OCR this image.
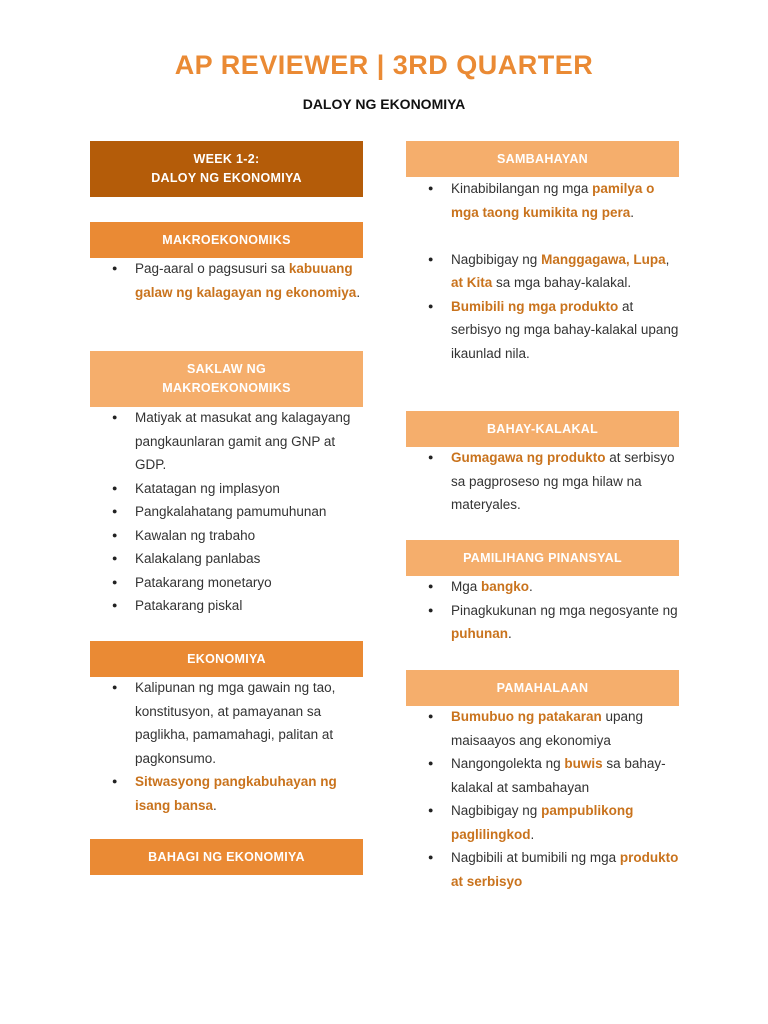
AP REVIEWER | 3RD QUARTER
DALOY NG EKONOMIYA
WEEK 1-2:
DALOY NG EKONOMIYA
MAKROEKONOMIKS
● Pag-aaral o pagsusuri sa kabuuang galaw ng kalagayan ng ekonomiya.
SAKLAW NG
MAKROEKONOMIKS
● Matiyak at masukat ang kalagayang pangkaunlaran gamit ang GNP at GDP.
● Katatagan ng implasyon
● Pangkalahatang pamumuhunan
● Kawalan ng trabaho
● Kalakalang panlabas
● Patakarang monetaryo
● Patakarang piskal
EKONOMIYA
● Kalipunan ng mga gawain ng tao, konstitusyon, at pamayanan sa paglikha, pamamahagi, palitan at pagkonsumo.
● Sitwasyong pangkabuhayan ng isang bansa.
BAHAGI NG EKONOMIYA
SAMBAHAYAN
● Kinabibilangan ng mga pamilya o mga taong kumikita ng pera.
● Nagbibigay ng Manggagawa, Lupa, at Kita sa mga bahay-kalakal.
● Bumibili ng mga produkto at serbisyo ng mga bahay-kalakal upang ikaunlad nila.
BAHAY-KALAKAL
● Gumagawa ng produkto at serbisyo sa pagproseso ng mga hilaw na materyales.
PAMILIHANG PINANSYAL
● Mga bangko.
● Pinagkukunan ng mga negosyante ng puhunan.
PAMAHALAAN
● Bumubuo ng patakaran upang maisaayos ang ekonomiya
● Nangongolekta ng buwis sa bahay-kalakal at sambahayan
● Nagbibigay ng pampublikong paglilingkod.
● Nagbibili at bumibili ng mga produkto at serbisyo
